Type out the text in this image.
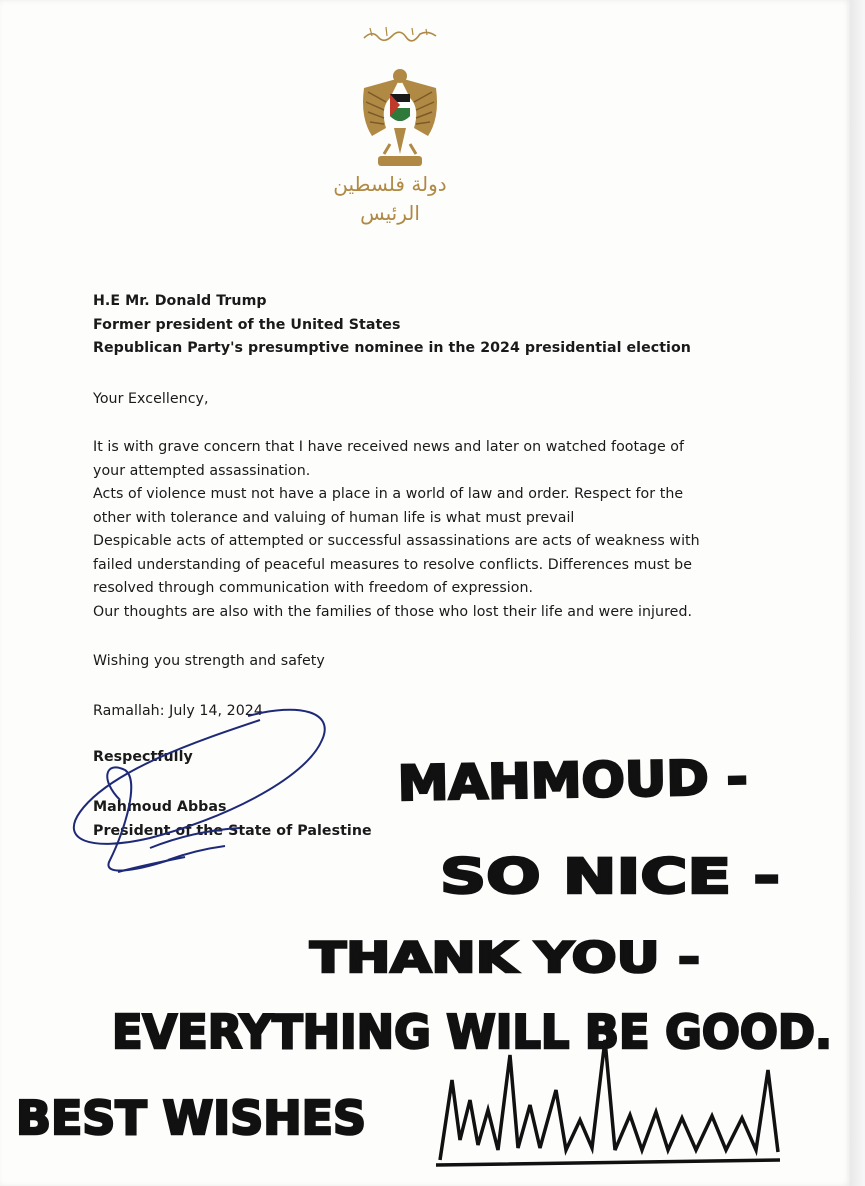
دولة فلسطين
الرئيس
H.E Mr. Donald Trump
Former president of the United States
Republican Party's presumptive nominee in the 2024 presidential election
Your Excellency,

It is with grave concern that I have received news and later on watched footage of your attempted assassination.

Acts of violence must not have a place in a world of law and order. Respect for the other with tolerance and valuing of human life is what must prevail

Despicable acts of attempted or successful assassinations are acts of weakness with failed understanding of peaceful measures to resolve conflicts. Differences must be resolved through communication with freedom of expression.

Our thoughts are also with the families of those who lost their life and were injured.

Wishing you strength and safety
Ramallah: July 14, 2024
Respectfully
Mahmoud Abbas
President of the State of Palestine
MAHMOUD -
SO NICE -
THANK YOU -
EVERYTHING WILL BE GOOD.
BEST WISHES
